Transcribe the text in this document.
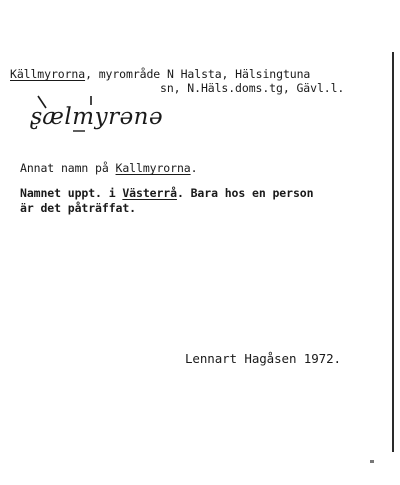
Källmyrorna, myrområde N Halsta, Hälsingtuna
sn, N.Häls.doms.tg, Gävl.l.
ʂælmyrənə
Annat namn på Kallmyrorna.
Namnet uppt. i Västerrå. Bara hos en person
är det påträffat.
Lennart Hagåsen 1972.
